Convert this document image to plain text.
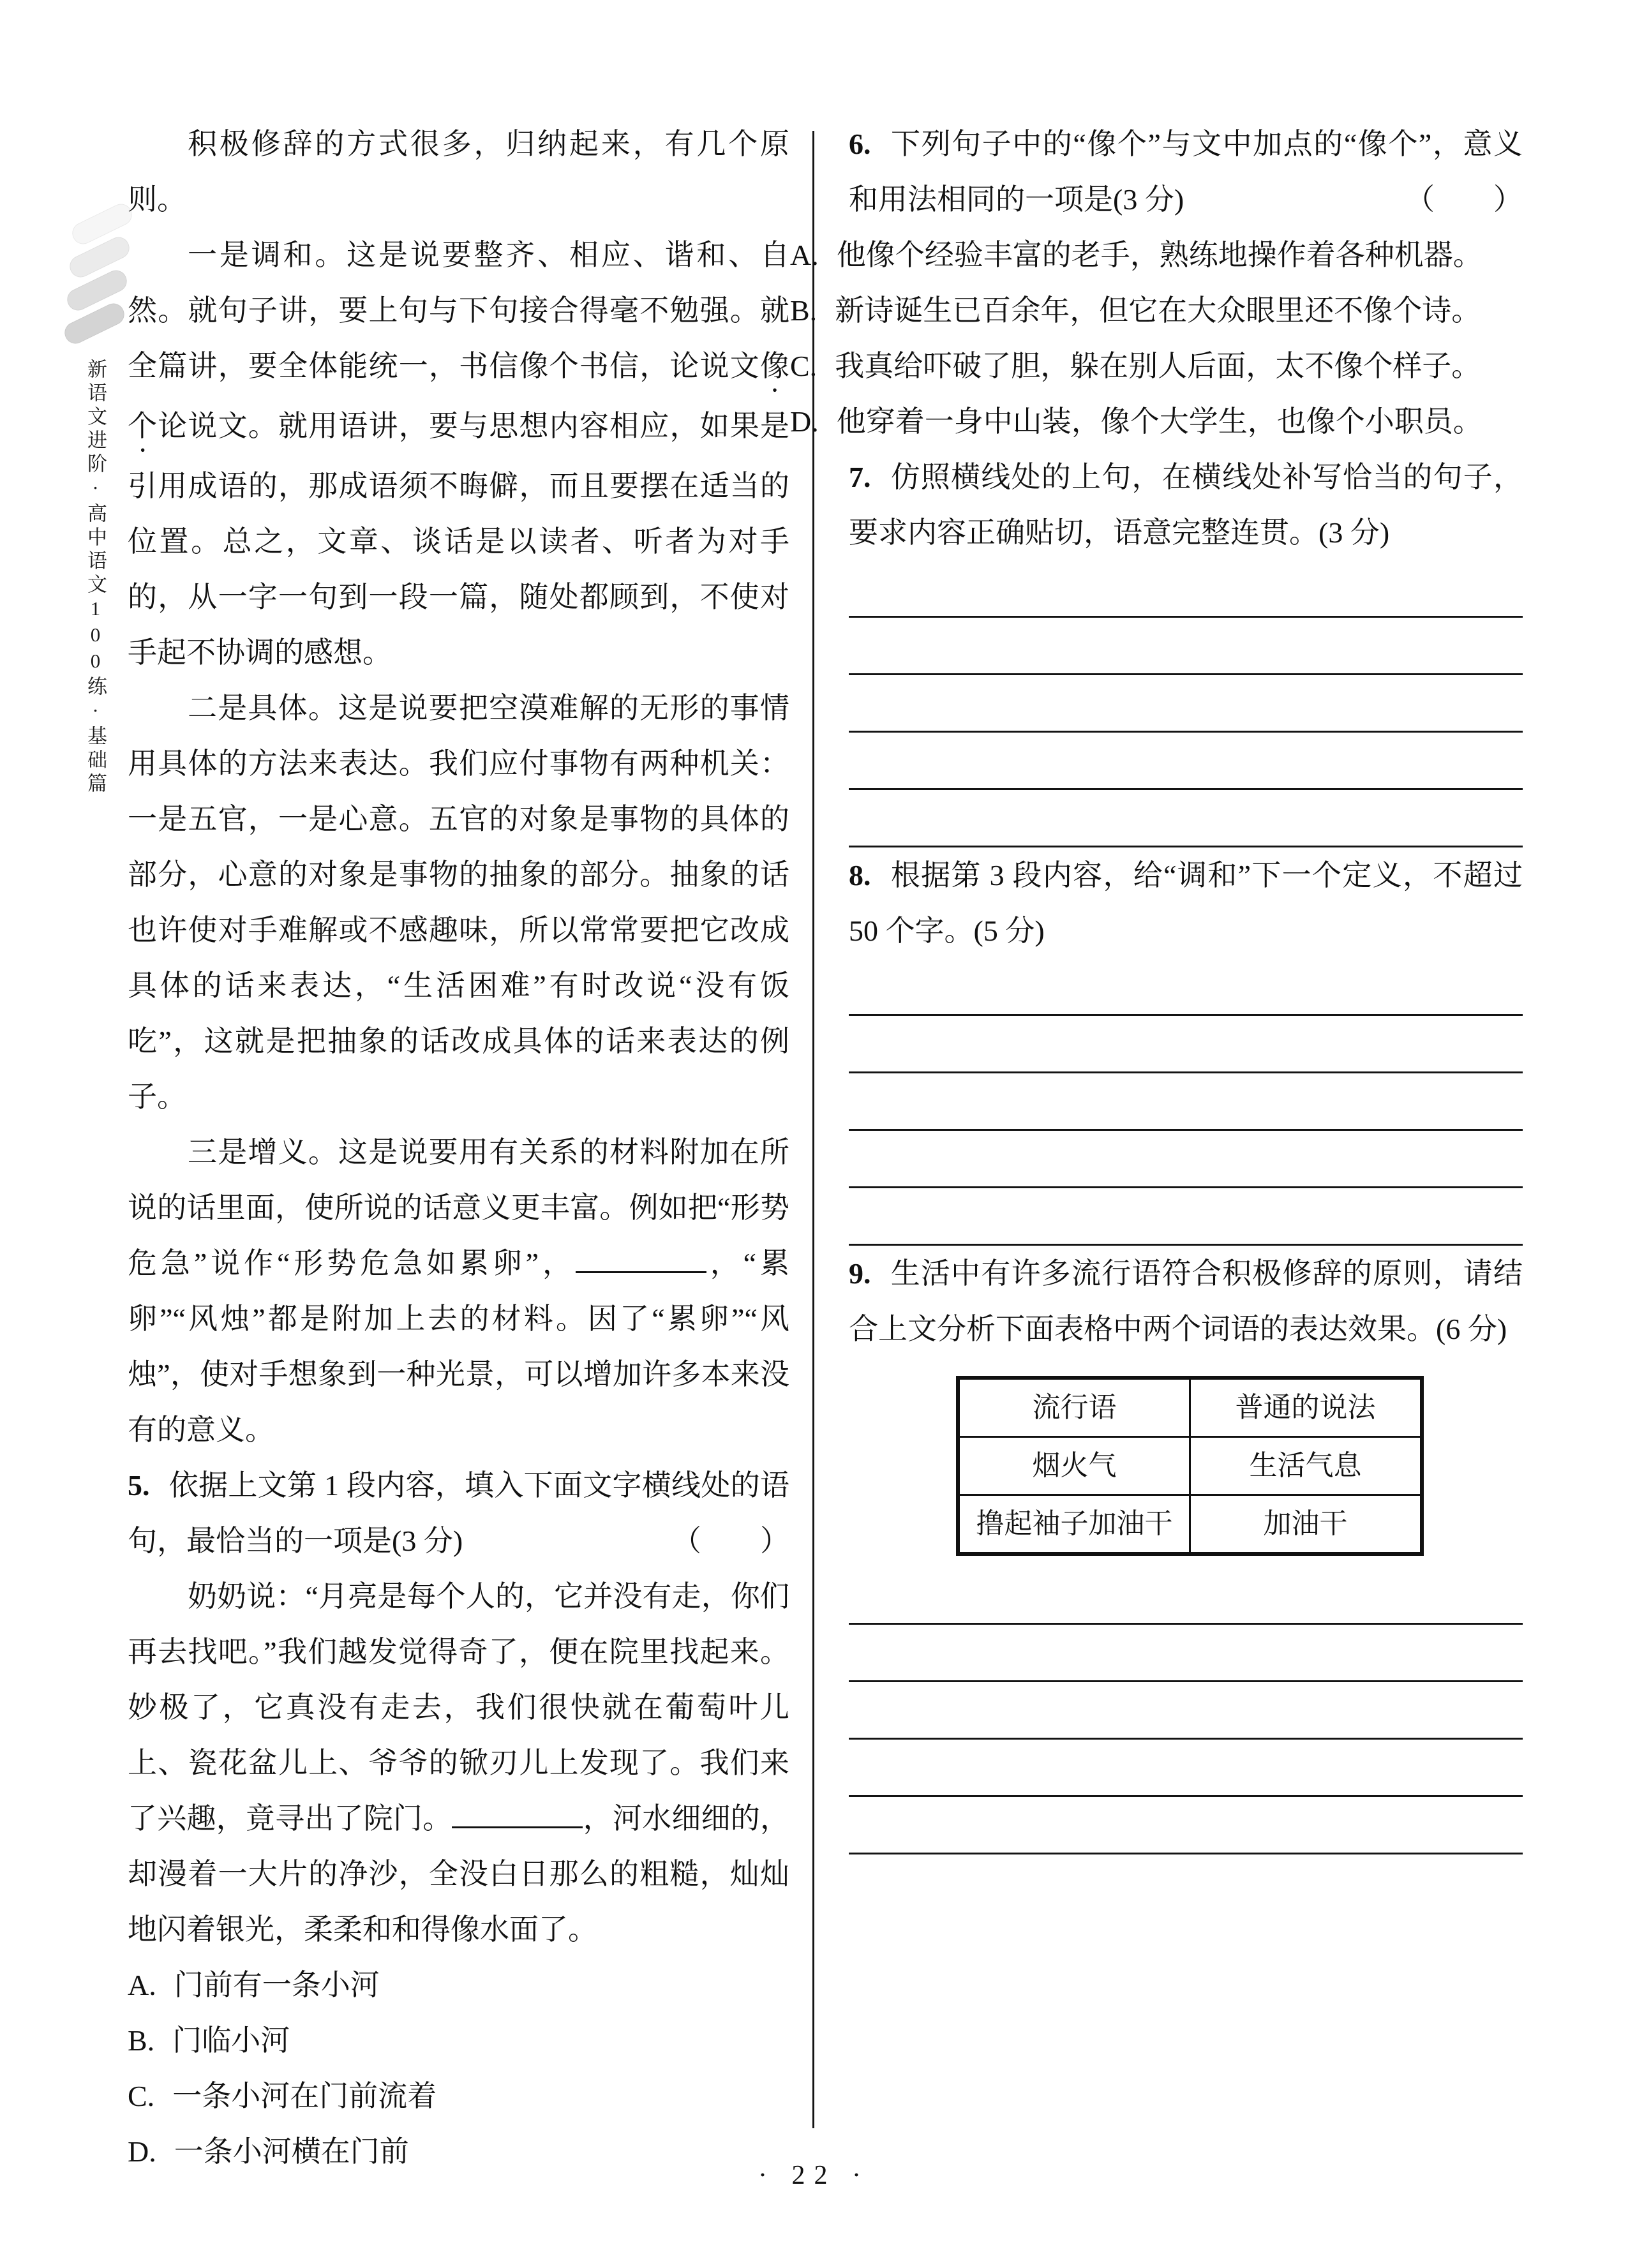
新语文进阶·高中语文100练·基础篇

积极修辞的方式很多，归纳起来，有几个原则。

一是调和。这是说要整齐、相应、谐和、自然。就句子讲，要上句与下句接合得毫不勉强。就全篇讲，要全体能统一，书信像个书信，论说文像个论说文。就用语讲，要与思想内容相应，如果是引用成语的，那成语须不晦僻，而且要摆在适当的位置。总之，文章、谈话是以读者、听者为对手的，从一字一句到一段一篇，随处都顾到，不使对手起不协调的感想。

二是具体。这是说要把空漠难解的无形的事情用具体的方法来表达。我们应付事物有两种机关：一是五官，一是心意。五官的对象是事物的具体的部分，心意的对象是事物的抽象的部分。抽象的话也许使对手难解或不感趣味，所以常常要把它改成具体的话来表达，“生活困难”有时改说“没有饭吃”，这就是把抽象的话改成具体的话来表达的例子。

三是增义。这是说要用有关系的材料附加在所说的话里面，使所说的话意义更丰富。例如把“形势危急”说作“形势危急如累卵”，	，“累卵”“风烛”都是附加上去的材料。因了“累卵”“风烛”，使对手想象到一种光景，可以增加许多本来没有的意义。

5. 依据上文第 1 段内容，填入下面文字横线处的语句，最恰当的一项是(3 分)	（　　）

奶奶说：“月亮是每个人的，它并没有走，你们再去找吧。”我们越发觉得奇了，便在院里找起来。妙极了，它真没有走去，我们很快就在葡萄叶儿上、瓷花盆儿上、爷爷的锨刃儿上发现了。我们来了兴趣，竟寻出了院门。	，河水细细的，却漫着一大片的净沙，全没白日那么的粗糙，灿灿地闪着银光，柔柔和和得像水面了。

A. 门前有一条小河

B. 门临小河

C. 一条小河在门前流着

D. 一条小河横在门前

6. 下列句子中的“像个”与文中加点的“像个”，意义和用法相同的一项是(3 分)	（　　）

A. 他像个经验丰富的老手，熟练地操作着各种机器。

B. 新诗诞生已百余年，但它在大众眼里还不像个诗。

C. 我真给吓破了胆，躲在别人后面，太不像个样子。

D. 他穿着一身中山装，像个大学生，也像个小职员。

7. 仿照横线处的上句，在横线处补写恰当的句子，要求内容正确贴切，语意完整连贯。(3 分)

8. 根据第 3 段内容，给“调和”下一个定义，不超过 50 个字。(5 分)

9. 生活中有许多流行语符合积极修辞的原则，请结合上文分析下面表格中两个词语的表达效果。(6 分)

流行语	普通的说法
烟火气	生活气息
撸起袖子加油干	加油干
· 22 ·
